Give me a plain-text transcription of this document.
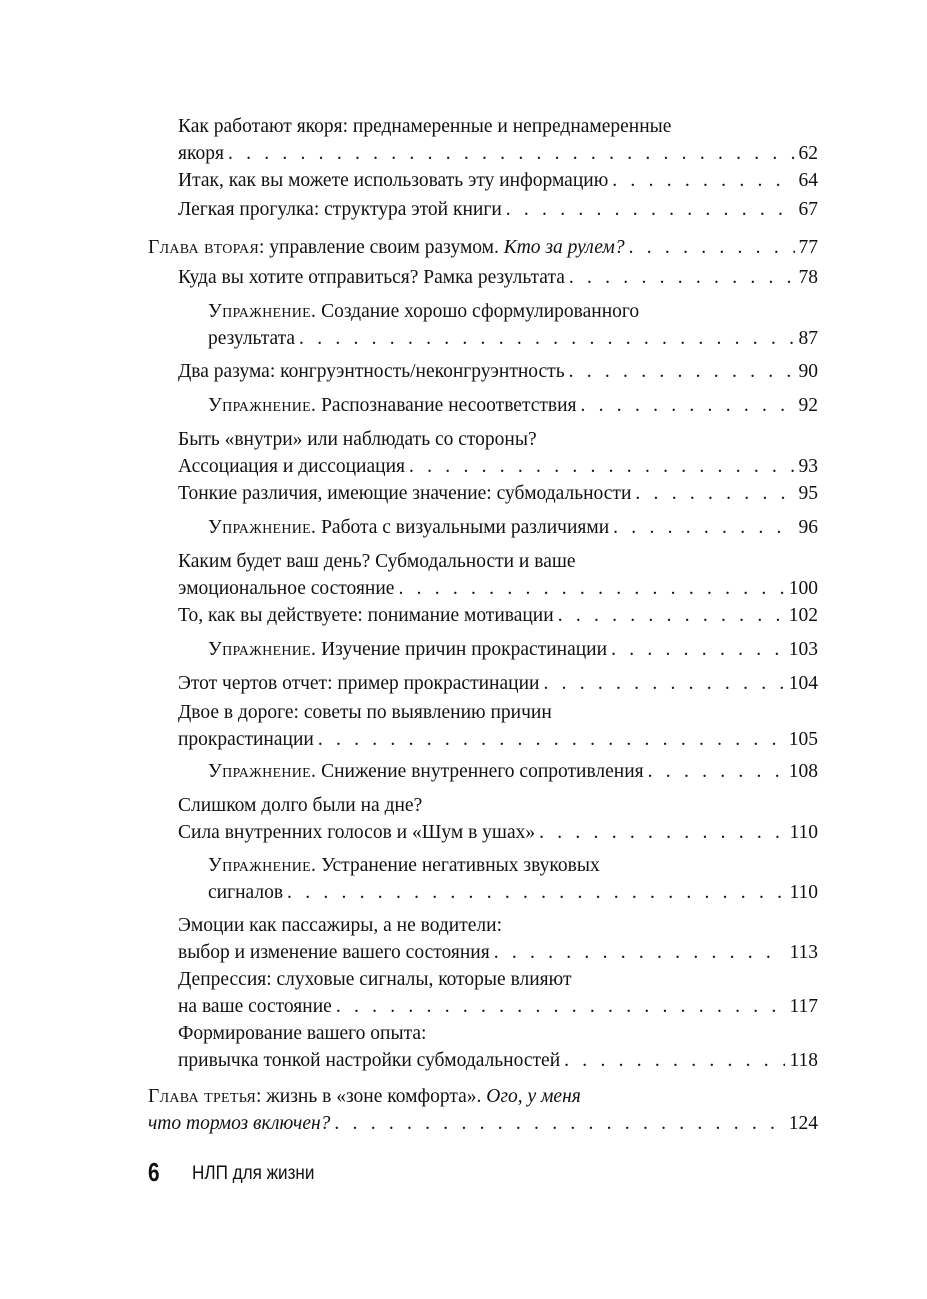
Как работают якоря: преднамеренные и непреднамеренные
якоря . . .	62
Итак, как вы можете использовать эту информацию . . .	64
Легкая прогулка: структура этой книги . . .	67
Глава вторая: управление своим разумом. Кто за рулем? . . .	77
Куда вы хотите отправиться? Рамка результата . . .	78
Упражнение. Создание хорошо сформулированного
результата . . .	87
Два разума: конгруэнтность/неконгруэнтность . . .	90
Упражнение. Распознавание несоответствия . . .	92
Быть «внутри» или наблюдать со стороны?
Ассоциация и диссоциация . . .	93
Тонкие различия, имеющие значение: субмодальности . . .	95
Упражнение. Работа с визуальными различиями . . .	96
Каким будет ваш день? Субмодальности и ваше
эмоциональное состояние . . .	100
То, как вы действуете: понимание мотивации . . .	102
Упражнение. Изучение причин прокрастинации . . .	103
Этот чертов отчет: пример прокрастинации . . .	104
Двое в дороге: советы по выявлению причин
прокрастинации . . .	105
Упражнение. Снижение внутреннего сопротивления . . .	108
Слишком долго были на дне?
Сила внутренних голосов и «Шум в ушах» . . .	110
Упражнение. Устранение негативных звуковых
сигналов . . .	110
Эмоции как пассажиры, а не водители:
выбор и изменение вашего состояния . . .	113
Депрессия: слуховые сигналы, которые влияют
на ваше состояние . . .	117
Формирование вашего опыта:
привычка тонкой настройки субмодальностей . . .	118
Глава третья: жизнь в «зоне комфорта». Ого, у меня
что тормоз включен? . . .	124
6 НЛП для жизни
